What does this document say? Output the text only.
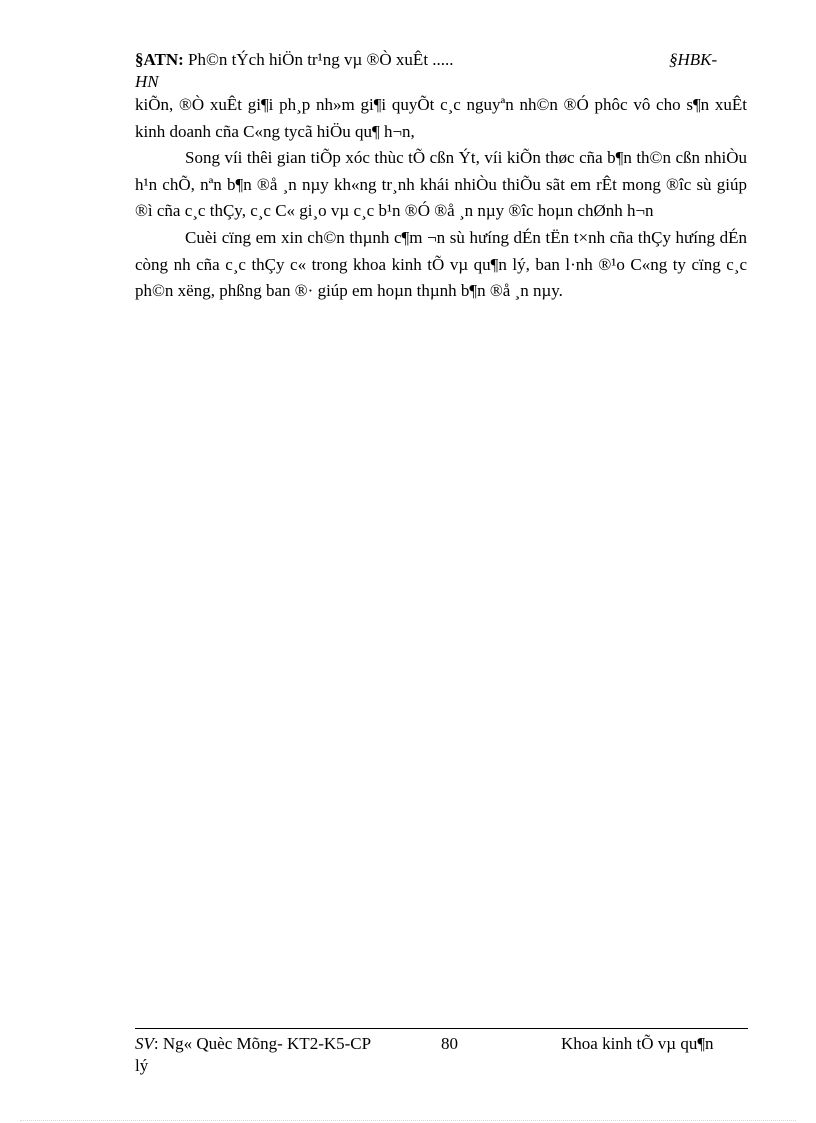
§ATN: Ph©n tÝch hiÖn tr¹ng vµ ®Ò xuÊt .....	§HBK-
HN

kiÕn, ®Ò xuÊt gi¶i ph¸p nh»m gi¶i quyÕt c¸c nguyªn nh©n ®Ó phôc vô cho s¶n xuÊt kinh doanh cña C«ng tycã hiÖu qu¶ h¬n,

Song víi thêi gian tiÕp xóc thùc tÕ cßn Ýt, víi kiÕn thøc cña b¶n th©n cßn nhiÒu h¹n chÕ, nªn b¶n ®å ¸n nµy kh«ng tr¸nh khái nhiÒu thiÕu sãt em rÊt mong ®îc sù giúp ®ì cña c¸c thÇy, c¸c C« gi¸o vµ c¸c b¹n ®Ó ®å ¸n nµy ®îc hoµn chØnh h¬n

Cuèi cïng em xin ch©n thµnh c¶m ¬n sù hưíng dÉn tËn t×nh cña thÇy hưíng dÉn còng nh cña c¸c thÇy c« trong khoa kinh tÕ vµ qu¶n lý, ban l·nh ®¹o C«ng ty cïng c¸c ph©n xëng, phßng ban ®· giúp em hoµn thµnh b¶n ®å ¸n nµy.

SV: Ng« Quèc Mõng- KT2-K5-CP	80	Khoa kinh tÕ vµ qu¶n
lý
